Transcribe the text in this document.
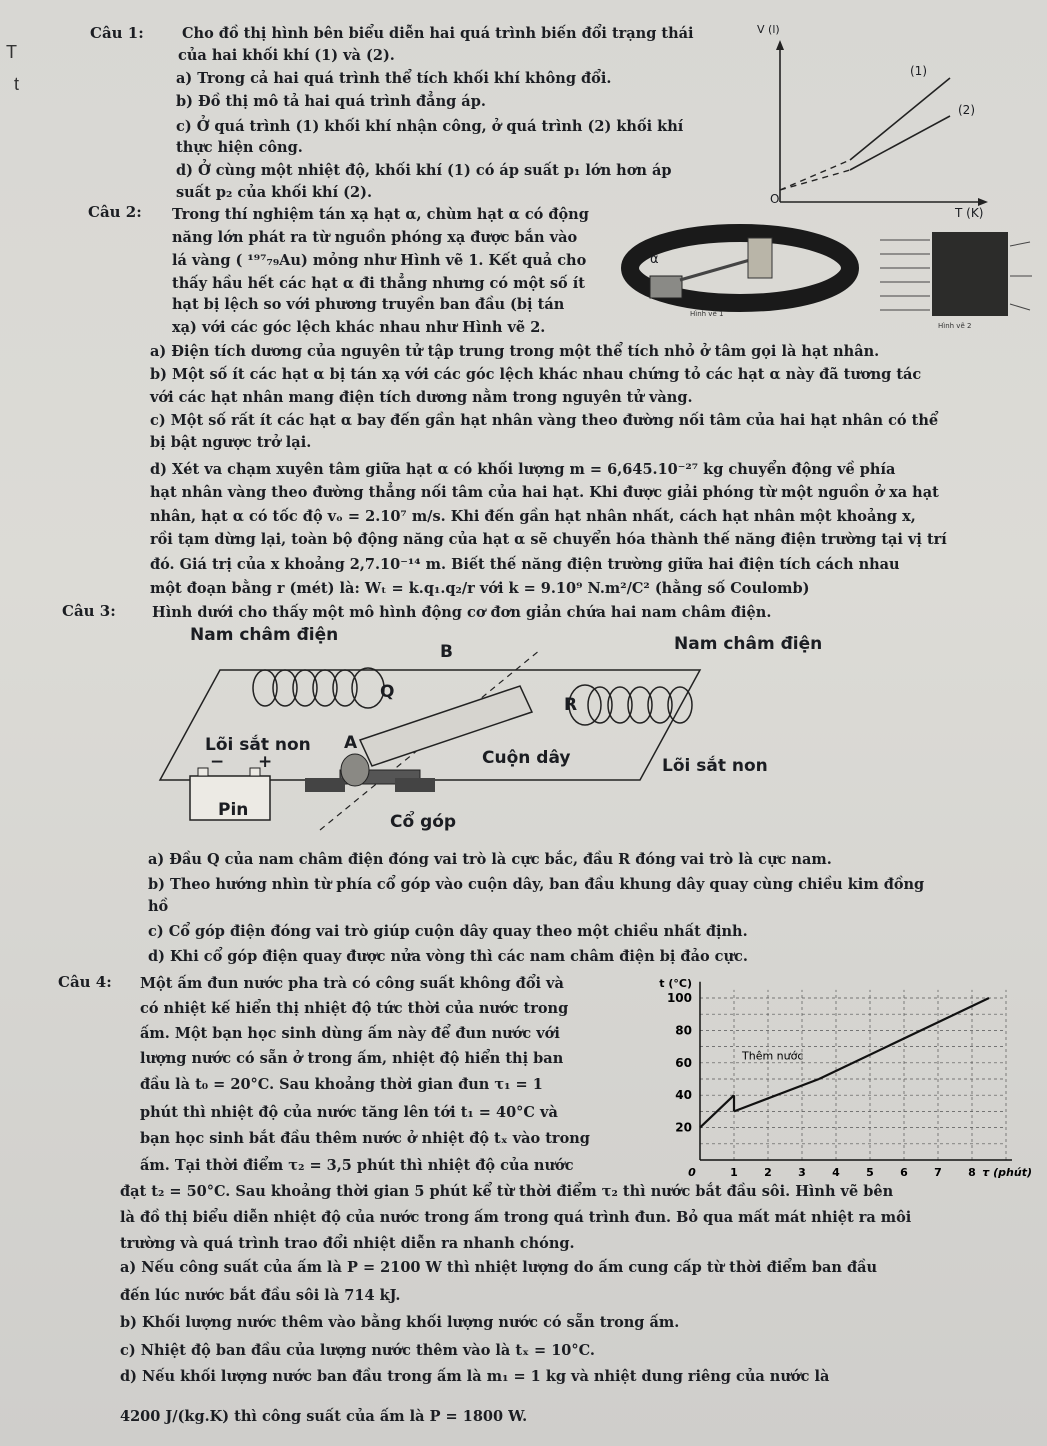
T
t
Câu 1:	Cho đồ thị hình bên biểu diễn hai quá trình biến đổi trạng thái
của hai khối khí (1) và (2).
a) Trong cả hai quá trình thể tích khối khí không đổi.
b) Đồ thị mô tả hai quá trình đẳng áp.
c) Ở quá trình (1) khối khí nhận công, ở quá trình (2) khối khí
thực hiện công.
d) Ở cùng một nhiệt độ, khối khí (1) có áp suất p₁ lớn hơn áp
suất p₂ của khối khí (2).
V (l)
T (K)
O
(1)
(2)
Câu 2: Trong thí nghiệm tán xạ hạt α, chùm hạt α có động
năng lớn phát ra từ nguồn phóng xạ được bắn vào
lá vàng ( ¹⁹⁷₇₉Au) mỏng như Hình vẽ 1. Kết quả cho
thấy hầu hết các hạt α đi thẳng nhưng có một số ít
hạt bị lệch so với phương truyền ban đầu (bị tán
xạ) với các góc lệch khác nhau như Hình vẽ 2.
α
Hình vẽ 1
Hình vẽ 2
a) Điện tích dương của nguyên tử tập trung trong một thể tích nhỏ ở tâm gọi là hạt nhân.
b) Một số ít các hạt α bị tán xạ với các góc lệch khác nhau chứng tỏ các hạt α này đã tương tác
với các hạt nhân mang điện tích dương nằm trong nguyên tử vàng.
c) Một số rất ít các hạt α bay đến gần hạt nhân vàng theo đường nối tâm của hai hạt nhân có thể
bị bật ngược trở lại.
d) Xét va chạm xuyên tâm giữa hạt α có khối lượng m = 6,645.10⁻²⁷ kg chuyển động về phía
hạt nhân vàng theo đường thẳng nối tâm của hai hạt. Khi được giải phóng từ một nguồn ở xa hạt
nhân, hạt α có tốc độ vₒ = 2.10⁷ m/s. Khi đến gần hạt nhân nhất, cách hạt nhân một khoảng x,
rồi tạm dừng lại, toàn bộ động năng của hạt α sẽ chuyển hóa thành thế năng điện trường tại vị trí
đó. Giá trị của x khoảng 2,7.10⁻¹⁴ m. Biết thế năng điện trường giữa hai điện tích cách nhau
một đoạn bằng r (mét) là: Wₜ = k.q₁.q₂/r với k = 9.10⁹ N.m²/C² (hằng số Coulomb)
Câu 3: Hình dưới cho thấy một mô hình động cơ đơn giản chứa hai nam châm điện.
Nam châm điện	Nam châm điện
B
Q
R
A
Lõi sắt non
Lõi sắt non
Cuộn dây
Pin
− +
Cổ góp
a) Đầu Q của nam châm điện đóng vai trò là cực bắc, đầu R đóng vai trò là cực nam.
b) Theo hướng nhìn từ phía cổ góp vào cuộn dây, ban đầu khung dây quay cùng chiều kim đồng
hồ
c) Cổ góp điện đóng vai trò giúp cuộn dây quay theo một chiều nhất định.
d) Khi cổ góp điện quay được nửa vòng thì các nam châm điện bị đảo cực.
Câu 4: Một ấm đun nước pha trà có công suất không đổi và
có nhiệt kế hiển thị nhiệt độ tức thời của nước trong
ấm. Một bạn học sinh dùng ấm này để đun nước với
lượng nước có sẵn ở trong ấm, nhiệt độ hiển thị ban
đầu là t₀ = 20°C. Sau khoảng thời gian đun τ₁ = 1
phút thì nhiệt độ của nước tăng lên tới t₁ = 40°C và
bạn học sinh bắt đầu thêm nước ở nhiệt độ tₓ vào trong
ấm. Tại thời điểm τ₂ = 3,5 phút thì nhiệt độ của nước
20
40
60
80
100
0	1 2 3 4 5 6 7 8
t (°C)
τ (phút)
Thêm nước
đạt t₂ = 50°C. Sau khoảng thời gian 5 phút kể từ thời điểm τ₂ thì nước bắt đầu sôi. Hình vẽ bên
là đồ thị biểu diễn nhiệt độ của nước trong ấm trong quá trình đun. Bỏ qua mất mát nhiệt ra môi
trường và quá trình trao đổi nhiệt diễn ra nhanh chóng.
a) Nếu công suất của ấm là P = 2100 W thì nhiệt lượng do ấm cung cấp từ thời điểm ban đầu
đến lúc nước bắt đầu sôi là 714 kJ.
b) Khối lượng nước thêm vào bằng khối lượng nước có sẵn trong ấm.
c) Nhiệt độ ban đầu của lượng nước thêm vào là tₓ = 10°C.
d) Nếu khối lượng nước ban đầu trong ấm là m₁ = 1 kg và nhiệt dung riêng của nước là
4200 J/(kg.K) thì công suất của ấm là P = 1800 W.
